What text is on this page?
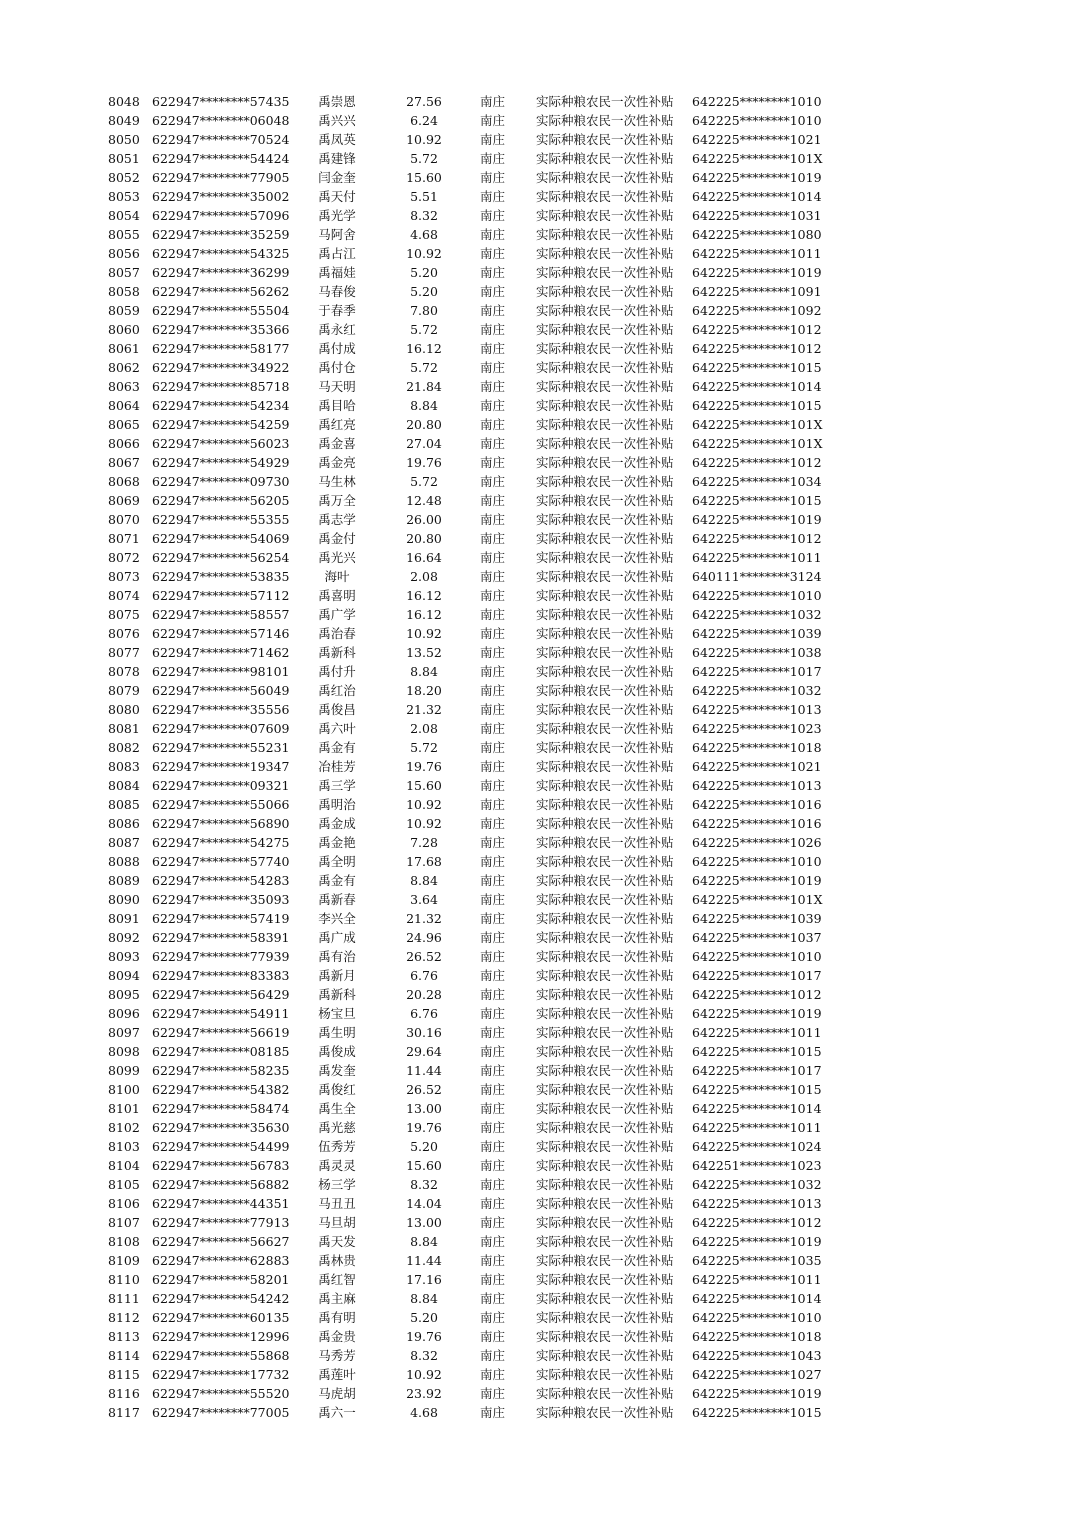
8048 622947********57435	禹崇恩	27.56	南庄 实际种粮农民一次性补贴 642225********1010
8049 622947********06048	禹兴兴	6.24	南庄 实际种粮农民一次性补贴 642225********1010
8050 622947********70524	禹凤英	10.92	南庄 实际种粮农民一次性补贴 642225********1021
8051 622947********54424	禹建锋	5.72	南庄 实际种粮农民一次性补贴 642225********101X
8052 622947********77905	闫金奎	15.60	南庄 实际种粮农民一次性补贴 642225********1019
8053 622947********35002	禹天付	5.51	南庄 实际种粮农民一次性补贴 642225********1014
8054 622947********57096	禹光学	8.32	南庄 实际种粮农民一次性补贴 642225********1031
8055 622947********35259	马阿舍	4.68	南庄 实际种粮农民一次性补贴 642225********1080
8056 622947********54325	禹占江	10.92	南庄 实际种粮农民一次性补贴 642225********1011
8057 622947********36299	禹福娃	5.20	南庄 实际种粮农民一次性补贴 642225********1019
8058 622947********56262	马春俊	5.20	南庄 实际种粮农民一次性补贴 642225********1091
8059 622947********55504	于春季	7.80	南庄 实际种粮农民一次性补贴 642225********1092
8060 622947********35366	禹永红	5.72	南庄 实际种粮农民一次性补贴 642225********1012
8061 622947********58177	禹付成	16.12	南庄 实际种粮农民一次性补贴 642225********1012
8062 622947********34922	禹付仓	5.72	南庄 实际种粮农民一次性补贴 642225********1015
8063 622947********85718	马天明	21.84	南庄 实际种粮农民一次性补贴 642225********1014
8064 622947********54234	禹目哈	8.84	南庄 实际种粮农民一次性补贴 642225********1015
8065 622947********54259	禹红亮	20.80	南庄 实际种粮农民一次性补贴 642225********101X
8066 622947********56023	禹金喜	27.04	南庄 实际种粮农民一次性补贴 642225********101X
8067 622947********54929	禹金亮	19.76	南庄 实际种粮农民一次性补贴 642225********1012
8068 622947********09730	马生林	5.72	南庄 实际种粮农民一次性补贴 642225********1034
8069 622947********56205	禹万全	12.48	南庄 实际种粮农民一次性补贴 642225********1015
8070 622947********55355	禹志学	26.00	南庄 实际种粮农民一次性补贴 642225********1019
8071 622947********54069	禹金付	20.80	南庄 实际种粮农民一次性补贴 642225********1012
8072 622947********56254	禹光兴	16.64	南庄 实际种粮农民一次性补贴 642225********1011
8073 622947********53835	海叶	2.08	南庄 实际种粮农民一次性补贴 640111********3124
8074 622947********57112	禹喜明	16.12	南庄 实际种粮农民一次性补贴 642225********1010
8075 622947********58557	禹广学	16.12	南庄 实际种粮农民一次性补贴 642225********1032
8076 622947********57146	禹治春	10.92	南庄 实际种粮农民一次性补贴 642225********1039
8077 622947********71462	禹新科	13.52	南庄 实际种粮农民一次性补贴 642225********1038
8078 622947********98101	禹付升	8.84	南庄 实际种粮农民一次性补贴 642225********1017
8079 622947********56049	禹红治	18.20	南庄 实际种粮农民一次性补贴 642225********1032
8080 622947********35556	禹俊昌	21.32	南庄 实际种粮农民一次性补贴 642225********1013
8081 622947********07609	禹六叶	2.08	南庄 实际种粮农民一次性补贴 642225********1023
8082 622947********55231	禹金有	5.72	南庄 实际种粮农民一次性补贴 642225********1018
8083 622947********19347	冶桂芳	19.76	南庄 实际种粮农民一次性补贴 642225********1021
8084 622947********09321	禹三学	15.60	南庄 实际种粮农民一次性补贴 642225********1013
8085 622947********55066	禹明治	10.92	南庄 实际种粮农民一次性补贴 642225********1016
8086 622947********56890	禹金成	10.92	南庄 实际种粮农民一次性补贴 642225********1016
8087 622947********54275	禹金艳	7.28	南庄 实际种粮农民一次性补贴 642225********1026
8088 622947********57740	禹全明	17.68	南庄 实际种粮农民一次性补贴 642225********1010
8089 622947********54283	禹金有	8.84	南庄 实际种粮农民一次性补贴 642225********1019
8090 622947********35093	禹新春	3.64	南庄 实际种粮农民一次性补贴 642225********101X
8091 622947********57419	李兴全	21.32	南庄 实际种粮农民一次性补贴 642225********1039
8092 622947********58391	禹广成	24.96	南庄 实际种粮农民一次性补贴 642225********1037
8093 622947********77939	禹有治	26.52	南庄 实际种粮农民一次性补贴 642225********1010
8094 622947********83383	禹新月	6.76	南庄 实际种粮农民一次性补贴 642225********1017
8095 622947********56429	禹新科	20.28	南庄 实际种粮农民一次性补贴 642225********1012
8096 622947********54911	杨宝旦	6.76	南庄 实际种粮农民一次性补贴 642225********1019
8097 622947********56619	禹生明	30.16	南庄 实际种粮农民一次性补贴 642225********1011
8098 622947********08185	禹俊成	29.64	南庄 实际种粮农民一次性补贴 642225********1015
8099 622947********58235	禹发奎	11.44	南庄 实际种粮农民一次性补贴 642225********1017
8100 622947********54382	禹俊红	26.52	南庄 实际种粮农民一次性补贴 642225********1015
8101 622947********58474	禹生全	13.00	南庄 实际种粮农民一次性补贴 642225********1014
8102 622947********35630	禹光慈	19.76	南庄 实际种粮农民一次性补贴 642225********1011
8103 622947********54499	伍秀芳	5.20	南庄 实际种粮农民一次性补贴 642225********1024
8104 622947********56783	禹灵灵	15.60	南庄 实际种粮农民一次性补贴 642251********1023
8105 622947********56882	杨三学	8.32	南庄 实际种粮农民一次性补贴 642225********1032
8106 622947********44351	马丑丑	14.04	南庄 实际种粮农民一次性补贴 642225********1013
8107 622947********77913	马旦胡	13.00	南庄 实际种粮农民一次性补贴 642225********1012
8108 622947********56627	禹天发	8.84	南庄 实际种粮农民一次性补贴 642225********1019
8109 622947********62883	禹林贵	11.44	南庄 实际种粮农民一次性补贴 642225********1035
8110 622947********58201	禹红智	17.16	南庄 实际种粮农民一次性补贴 642225********1011
8111 622947********54242	禹主麻	8.84	南庄 实际种粮农民一次性补贴 642225********1014
8112 622947********60135	禹有明	5.20	南庄 实际种粮农民一次性补贴 642225********1010
8113 622947********12996	禹金贵	19.76	南庄 实际种粮农民一次性补贴 642225********1018
8114 622947********55868	马秀芳	8.32	南庄 实际种粮农民一次性补贴 642225********1043
8115 622947********17732	禹莲叶	10.92	南庄 实际种粮农民一次性补贴 642225********1027
8116 622947********55520	马虎胡	23.92	南庄 实际种粮农民一次性补贴 642225********1019
8117 622947********77005	禹六一	4.68	南庄 实际种粮农民一次性补贴 642225********1015
